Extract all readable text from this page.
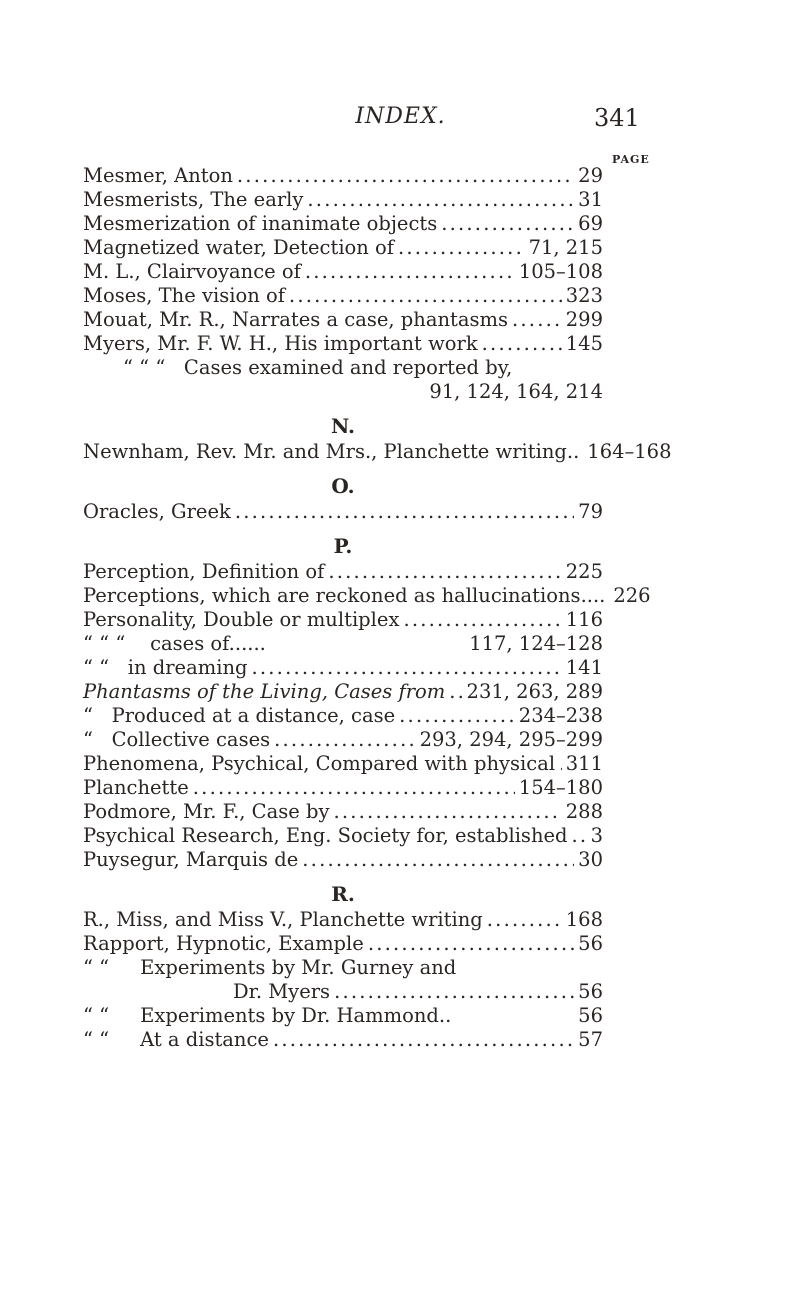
INDEX.	341
PAGE
Mesmer, Anton . . .	29
Mesmerists, The early . . .	31
Mesmerization of inanimate objects . . .	69
Magnetized water, Detection of . . .	71, 215
M. L., Clairvoyance of . . .	105–108
Moses, The vision of . . .	323
Mouat, Mr. R., Narrates a case, phantasms . . .	299
Myers, Mr. F. W. H., His important work . . .	145
“ “ “ Cases examined and reported by,
91, 124, 164, 214
N.
Newnham, Rev. Mr. and Mrs., Planchette writing.. 164–168
O.
Oracles, Greek . . .	79
P.
Perception, Definition of . . .	225
Perceptions, which are reckoned as hallucinations.... 226
Personality, Double or multiplex . . .	116
“ “ “ cases of......	117, 124–128
“ “ in dreaming . . .	141
Phantasms of the Living, Cases from . . . 231, 263, 289
“ Produced at a distance, case . . .	234–238
“ Collective cases . . .	293, 294, 295–299
Phenomena, Psychical, Compared with physical . . . 311
Planchette . . .	154–180
Podmore, Mr. F., Case by . . .	288
Psychical Research, Eng. Society for, established . . . 3
Puysegur, Marquis de . . .	30
R.
R., Miss, and Miss V., Planchette writing . . .	168
Rapport, Hypnotic, Example . . .	56
“ “ Experiments by Mr. Gurney and
Dr. Myers . . .	56
“ “ Experiments by Dr. Hammond..	56
“ “ At a distance . . .	57
